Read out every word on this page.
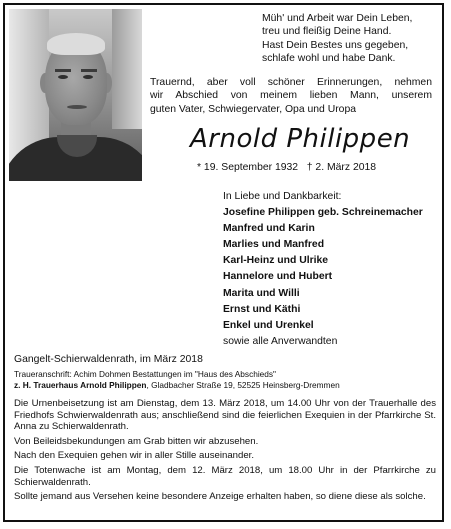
Müh' und Arbeit war Dein Leben,
treu und fleißig Deine Hand.
Hast Dein Bestes uns gegeben,
schlafe wohl und habe Dank.
Trauernd, aber voll schöner Erinnerungen, nehmen
wir Abschied von meinem lieben Mann, unserem
guten Vater, Schwiegervater, Opa und Uropa
Arnold Philippen
* 19. September 1932   † 2. März 2018
In Liebe und Dankbarkeit:
Josefine Philippen geb. Schreinemacher
Manfred und Karin
Marlies und Manfred
Karl-Heinz und Ulrike
Hannelore und Hubert
Marita und Willi
Ernst und Käthi
Enkel und Urenkel
sowie alle Anverwandten
Gangelt-Schierwaldenrath, im März 2018
Traueranschrift: Achim Dohmen Bestattungen im "Haus des Abschieds"
z. H. Trauerhaus Arnold Philippen, Gladbacher Straße 19, 52525 Heinsberg-Dremmen

Die Urnenbeisetzung ist am Dienstag, dem 13. März 2018, um 14.00 Uhr von der Trauerhalle des Friedhofs Schwierwaldenrath aus; anschließend sind die feierlichen Exequien in der Pfarrkirche St. Anna zu Schierwaldenrath.

Von Beileidsbekundungen am Grab bitten wir abzusehen.

Nach den Exequien gehen wir in aller Stille auseinander.

Die Totenwache ist am Montag, dem 12. März 2018, um 18.00 Uhr in der Pfarrkirche zu Schierwaldenrath.

Sollte jemand aus Versehen keine besondere Anzeige erhalten haben, so diene diese als solche.
